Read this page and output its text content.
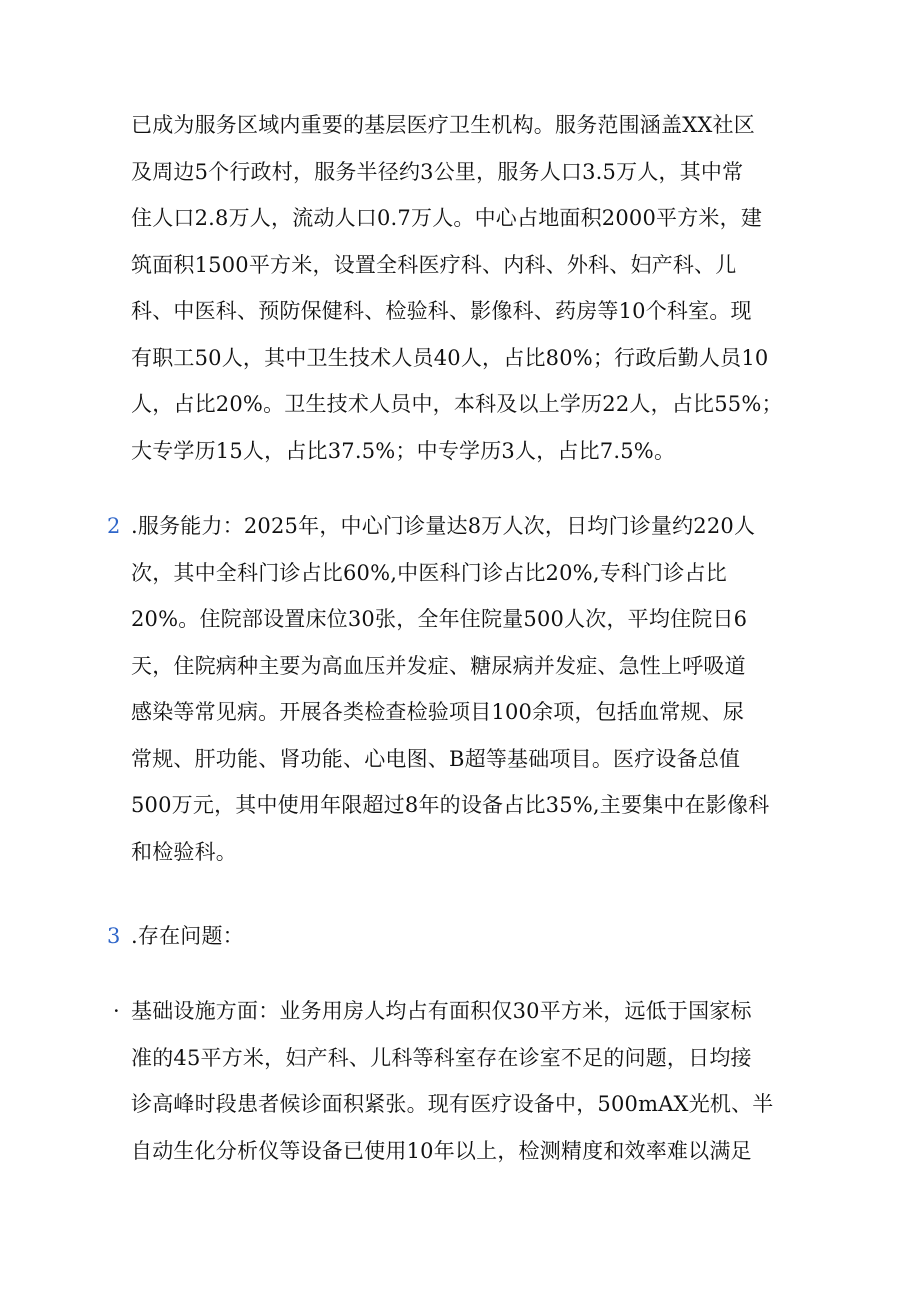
已成为服务区域内重要的基层医疗卫生机构。服务范围涵盖XX社区
及周边5个行政村，服务半径约3公里，服务人口3.5万人，其中常
住人口2.8万人，流动人口0.7万人。中心占地面积2000平方米，建
筑面积1500平方米，设置全科医疗科、内科、外科、妇产科、儿
科、中医科、预防保健科、检验科、影像科、药房等10个科室。现
有职工50人，其中卫生技术人员40人，占比80%；行政后勤人员10
人，占比20%。卫生技术人员中，本科及以上学历22人，占比55%；
大专学历15人，占比37.5%；中专学历3人，占比7.5%。
2 .服务能力：2025年，中心门诊量达8万人次，日均门诊量约220人
次，其中全科门诊占比60%,中医科门诊占比20%,专科门诊占比
20%。住院部设置床位30张，全年住院量500人次，平均住院日6
天，住院病种主要为高血压并发症、糖尿病并发症、急性上呼吸道
感染等常见病。开展各类检查检验项目100余项，包括血常规、尿
常规、肝功能、肾功能、心电图、B超等基础项目。医疗设备总值
500万元，其中使用年限超过8年的设备占比35%,主要集中在影像科
和检验科。
3 .存在问题：
· 基础设施方面：业务用房人均占有面积仅30平方米，远低于国家标
准的45平方米，妇产科、儿科等科室存在诊室不足的问题，日均接
诊高峰时段患者候诊面积紧张。现有医疗设备中，500mAX光机、半
自动生化分析仪等设备已使用10年以上，检测精度和效率难以满足
